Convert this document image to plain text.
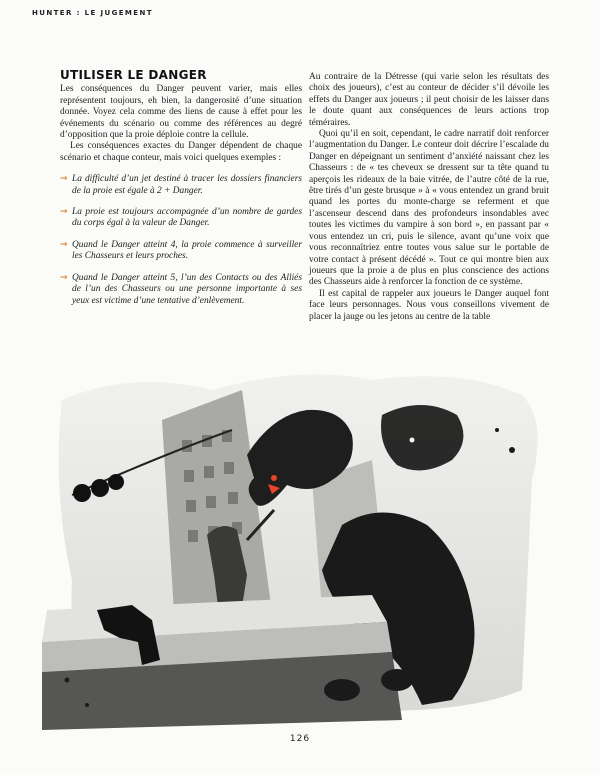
HUNTER : LE JUGEMENT
UTILISER LE DANGER

Les conséquences du Danger peuvent varier, mais elles représentent toujours, eh bien, la dangerosité d’une situation donnée. Voyez cela comme des liens de cause à effet pour les événements du scénario ou comme des références au degré d’opposition que la proie déploie contre la cellule.

Les conséquences exactes du Danger dépendent de chaque scénario et chaque conteur, mais voici quelques exemples :

→ La difficulté d’un jet destiné à tracer les dossiers financiers de la proie est égale à 2 + Danger.
→ La proie est toujours accompagnée d’un nombre de gardes du corps égal à la valeur de Danger.
→ Quand le Danger atteint 4, la proie commence à surveiller les Chasseurs et leurs proches.
→ Quand le Danger atteint 5, l’un des Contacts ou des Alliés de l’un des Chasseurs ou une personne importante à ses yeux est victime d’une tentative d’enlèvement.

Au contraire de la Détresse (qui varie selon les résultats des choix des joueurs), c’est au conteur de décider s’il dévoile les effets du Danger aux joueurs ; il peut choisir de les laisser dans le doute quant aux conséquences de leurs actions trop téméraires.

Quoi qu’il en soit, cependant, le cadre narratif doit renforcer l’augmentation du Danger. Le conteur doit décrire l’escalade du Danger en dépeignant un sentiment d’anxiété naissant chez les Chasseurs : de « tes cheveux se dressent sur ta tête quand tu aperçois les rideaux de la baie vitrée, de l’autre côté de la rue, être tirés d’un geste brusque » à « vous entendez un grand bruit quand les portes du monte-charge se referment et que l’ascenseur descend dans des profondeurs insondables avec toutes les victimes du vampire à son bord », en passant par « vous entendez un cri, puis le silence, avant qu’une voix que vous reconnaîtriez entre toutes vous salue sur le portable de votre contact à présent décédé ». Tout ce qui montre bien aux joueurs que la proie a de plus en plus conscience des actions des Chasseurs aide à renforcer la fonction de ce système.

Il est capital de rappeler aux joueurs le Danger auquel font face leurs personnages. Nous vous conseillons vivement de placer la jauge ou les jetons au centre de la table

126
